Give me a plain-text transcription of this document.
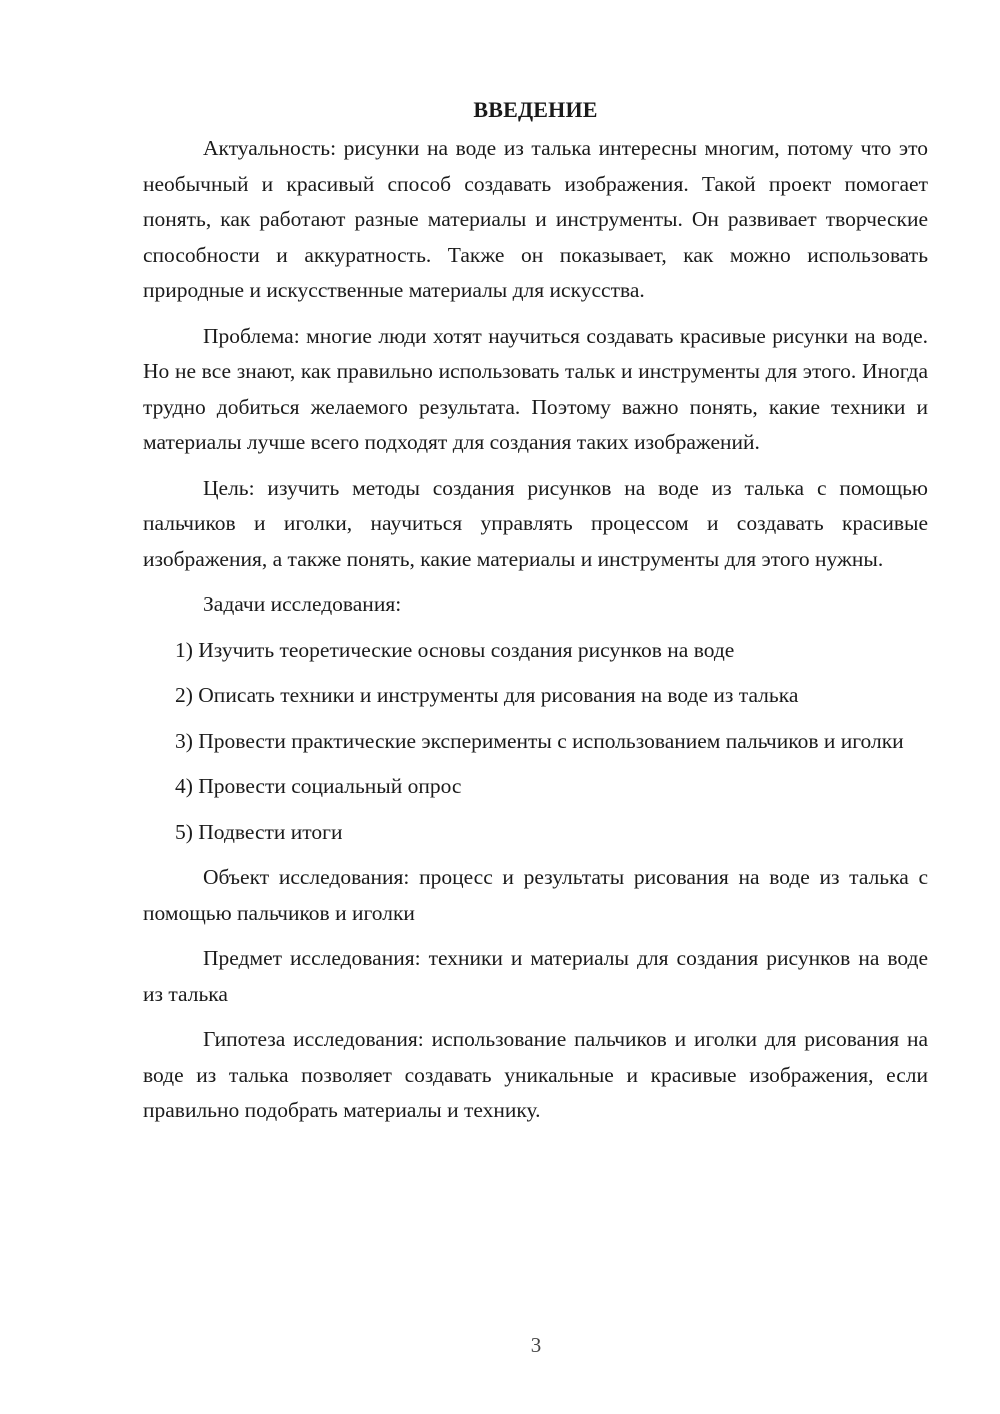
ВВЕДЕНИЕ

Актуальность: рисунки на воде из талька интересны многим, потому что это необычный и красивый способ создавать изображения. Такой проект помогает понять, как работают разные материалы и инструменты. Он развивает творческие способности и аккуратность. Также он показывает, как можно использовать природные и искусственные материалы для искусства.

Проблема: многие люди хотят научиться создавать красивые рисунки на воде. Но не все знают, как правильно использовать тальк и инструменты для этого. Иногда трудно добиться желаемого результата. Поэтому важно понять, какие техники и материалы лучше всего подходят для создания таких изображений.

Цель: изучить методы создания рисунков на воде из талька с помощью пальчиков и иголки, научиться управлять процессом и создавать красивые изображения, а также понять, какие материалы и инструменты для этого нужны.

Задачи исследования:

1) Изучить теоретические основы создания рисунков на воде

2) Описать техники и инструменты для рисования на воде из талька

3) Провести практические эксперименты с использованием пальчиков и иголки

4) Провести социальный опрос

5) Подвести итоги

Объект исследования: процесс и результаты рисования на воде из талька с помощью пальчиков и иголки

Предмет исследования: техники и материалы для создания рисунков на воде из талька

Гипотеза исследования: использование пальчиков и иголки для рисования на воде из талька позволяет создавать уникальные и красивые изображения, если правильно подобрать материалы и технику.

3
